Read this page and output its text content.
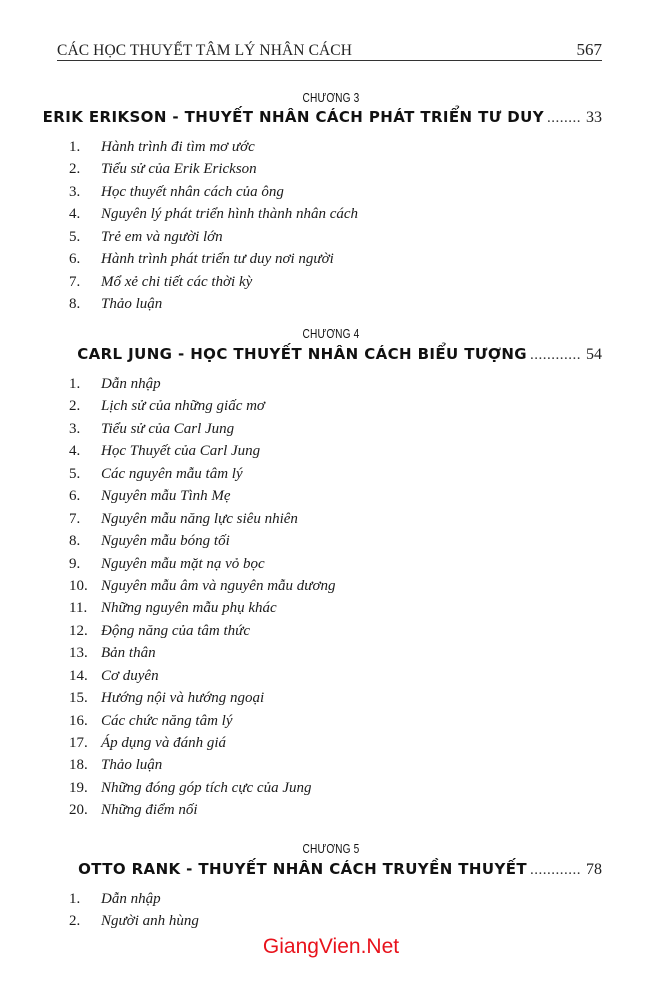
CÁC HỌC THUYẾT TÂM LÝ NHÂN CÁCH	567
CHƯƠNG 3
ERIK ERIKSON - THUYẾT NHÂN CÁCH PHÁT TRIỂN TƯ DUY ........ 33
1.	Hành trình đi tìm mơ ước
2.	Tiểu sử của Erik Erickson
3.	Học thuyết nhân cách của ông
4.	Nguyên lý phát triển hình thành nhân cách
5.	Trẻ em và người lớn
6.	Hành trình phát triển tư duy nơi người
7.	Mổ xẻ chi tiết các thời kỳ
8.	Thảo luận
CHƯƠNG 4
CARL JUNG - HỌC THUYẾT NHÂN CÁCH BIỂU TƯỢNG ............ 54
1.	Dẫn nhập
2.	Lịch sử của những giấc mơ
3.	Tiểu sử của Carl Jung
4.	Học Thuyết của Carl Jung
5.	Các nguyên mẫu tâm lý
6.	Nguyên mẫu Tình Mẹ
7.	Nguyên mẫu năng lực siêu nhiên
8.	Nguyên mẫu bóng tối
9.	Nguyên mẫu mặt nạ vỏ bọc
10. Nguyên mẫu âm và nguyên mẫu dương
11. Những nguyên mẫu phụ khác
12. Động năng của tâm thức
13. Bản thân
14. Cơ duyên
15. Hướng nội và hướng ngoại
16. Các chức năng tâm lý
17. Áp dụng và đánh giá
18. Thảo luận
19. Những đóng góp tích cực của Jung
20. Những điểm nối
CHƯƠNG 5
OTTO RANK - THUYẾT NHÂN CÁCH TRUYỀN THUYẾT ............ 78
1.	Dẫn nhập
2.	Người anh hùng
GiangVien.Net
